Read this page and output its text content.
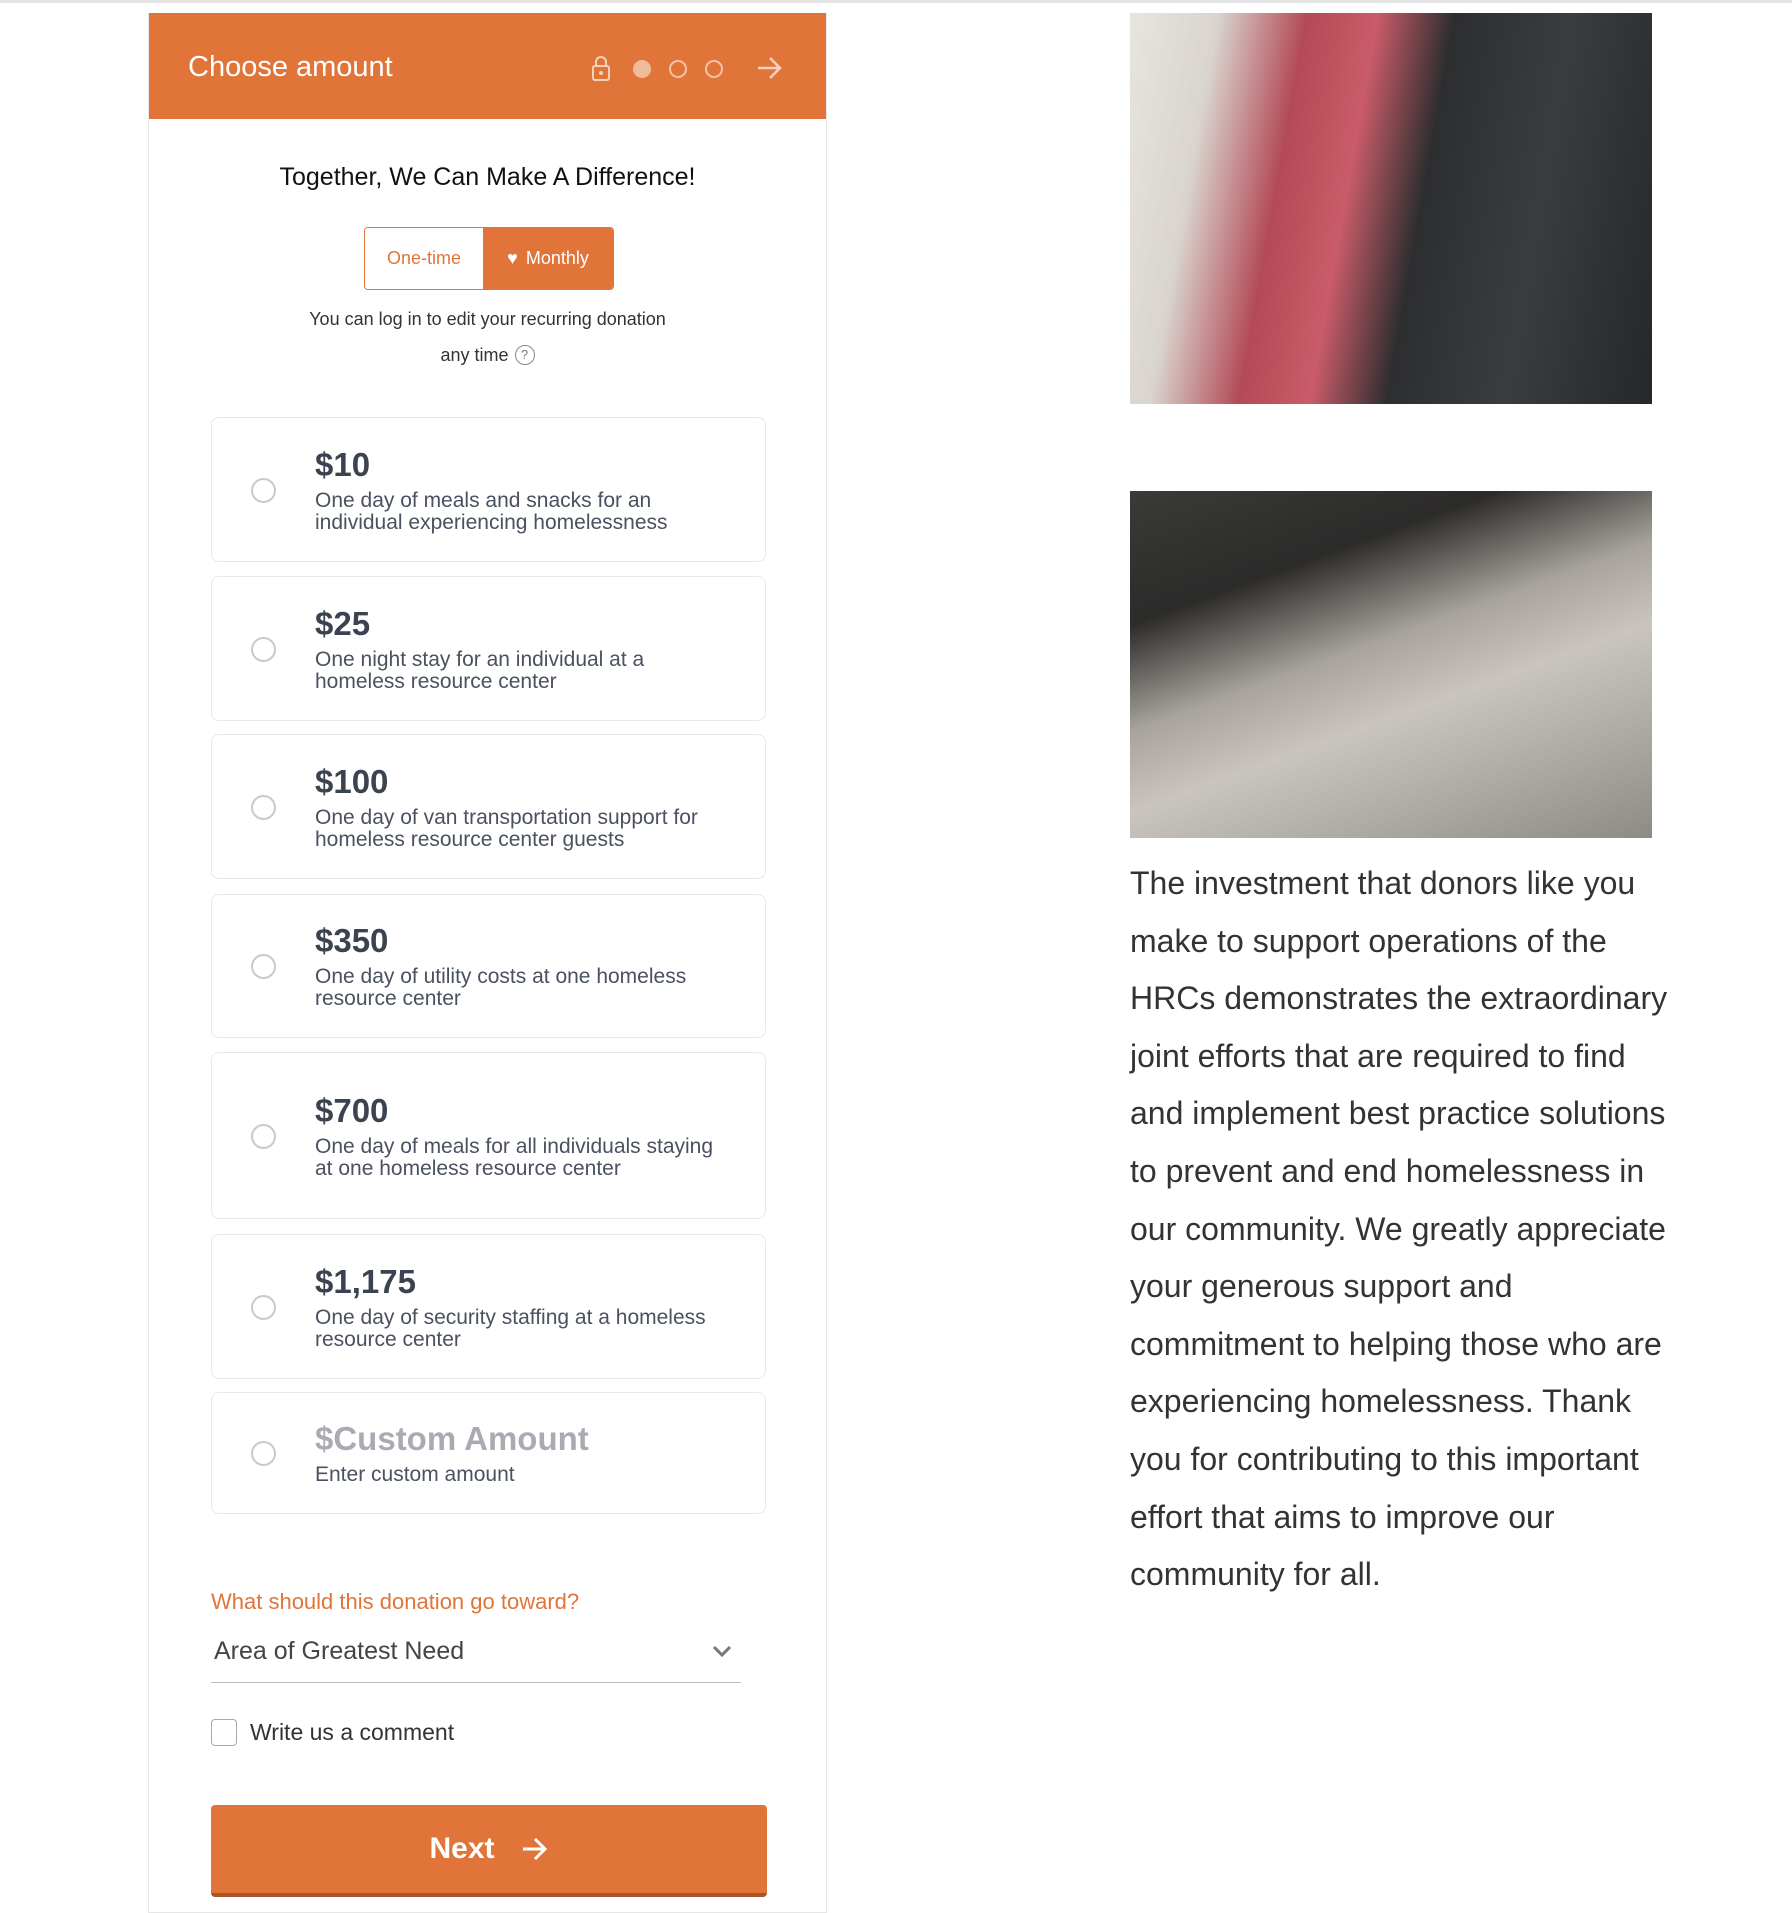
Choose amount
Together, We Can Make A Difference!
One-time	♥ Monthly
You can log in to edit your recurring donation
any time ?
$10
One day of meals and snacks for an individual experiencing homelessness
$25
One night stay for an individual at a homeless resource center
$100
One day of van transportation support for homeless resource center guests
$350
One day of utility costs at one homeless resource center
$700
One day of meals for all individuals staying at one homeless resource center
$1,175
One day of security staffing at a homeless resource center
$Custom Amount
Enter custom amount
What should this donation go toward?
Area of Greatest Need
Write us a comment
Next
The investment that donors like you make to support operations of the HRCs demonstrates the extraordinary joint efforts that are required to find and implement best practice solutions to prevent and end homelessness in our community. We greatly appreciate your generous support and commitment to helping those who are experiencing homelessness. Thank you for contributing to this important effort that aims to improve our community for all.
